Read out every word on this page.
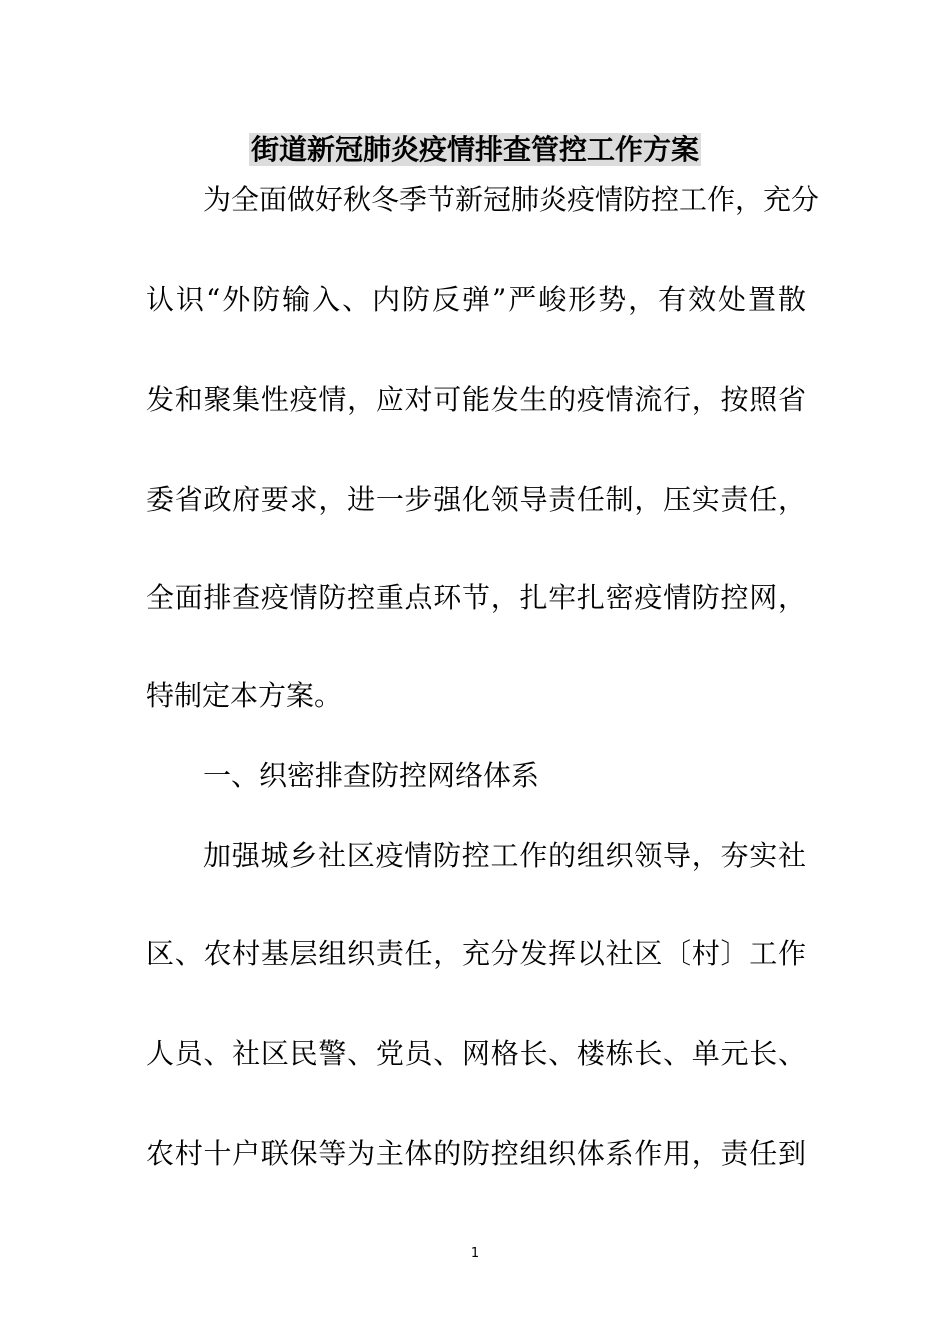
街道新冠肺炎疫情排查管控工作方案
为全面做好秋冬季节新冠肺炎疫情防控工作，充分
认识“外防输入、内防反弹”严峻形势，有效处置散
发和聚集性疫情，应对可能发生的疫情流行，按照省
委省政府要求，进一步强化领导责任制，压实责任，
全面排查疫情防控重点环节，扎牢扎密疫情防控网，
特制定本方案。
一、织密排查防控网络体系
加强城乡社区疫情防控工作的组织领导，夯实社
区、农村基层组织责任，充分发挥以社区〔村〕工作
人员、社区民警、党员、网格长、楼栋长、单元长、
农村十户联保等为主体的防控组织体系作用，责任到
1
